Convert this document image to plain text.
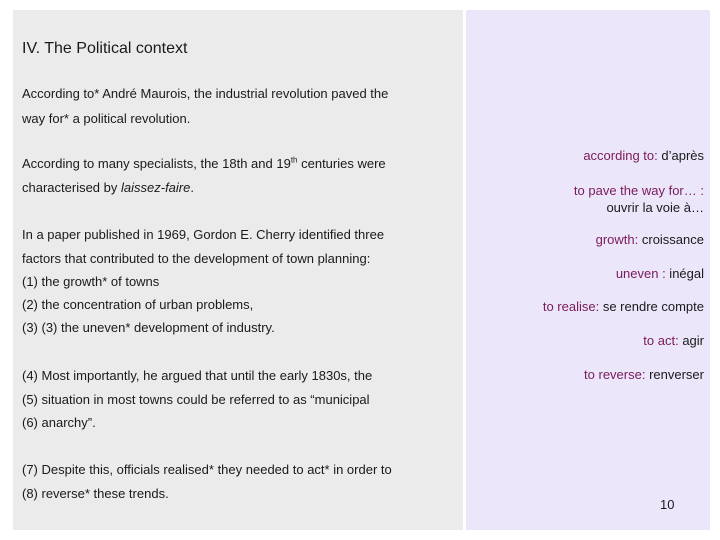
IV. The Political context
According to* André Maurois, the industrial revolution paved the
way for* a political revolution.
According to many specialists, the 18th and 19th centuries were
characterised by laissez-faire.
In a paper published in 1969, Gordon E. Cherry identified three
factors that contributed to the development of town planning:
(1) the growth* of towns
(2) the concentration of urban problems,
(3) (3) the uneven* development of industry.
(4) Most importantly, he argued that until the early 1830s, the
(5) situation in most towns could be referred to as “municipal
(6) anarchy”.
(7) Despite this, officials realised* they needed to act* in order to
(8) reverse* these trends.
according to: d’après
to pave the way for… :
ouvrir la voie à…
growth: croissance
uneven : inégal
to realise: se rendre compte
to act: agir
to reverse: renverser
10
